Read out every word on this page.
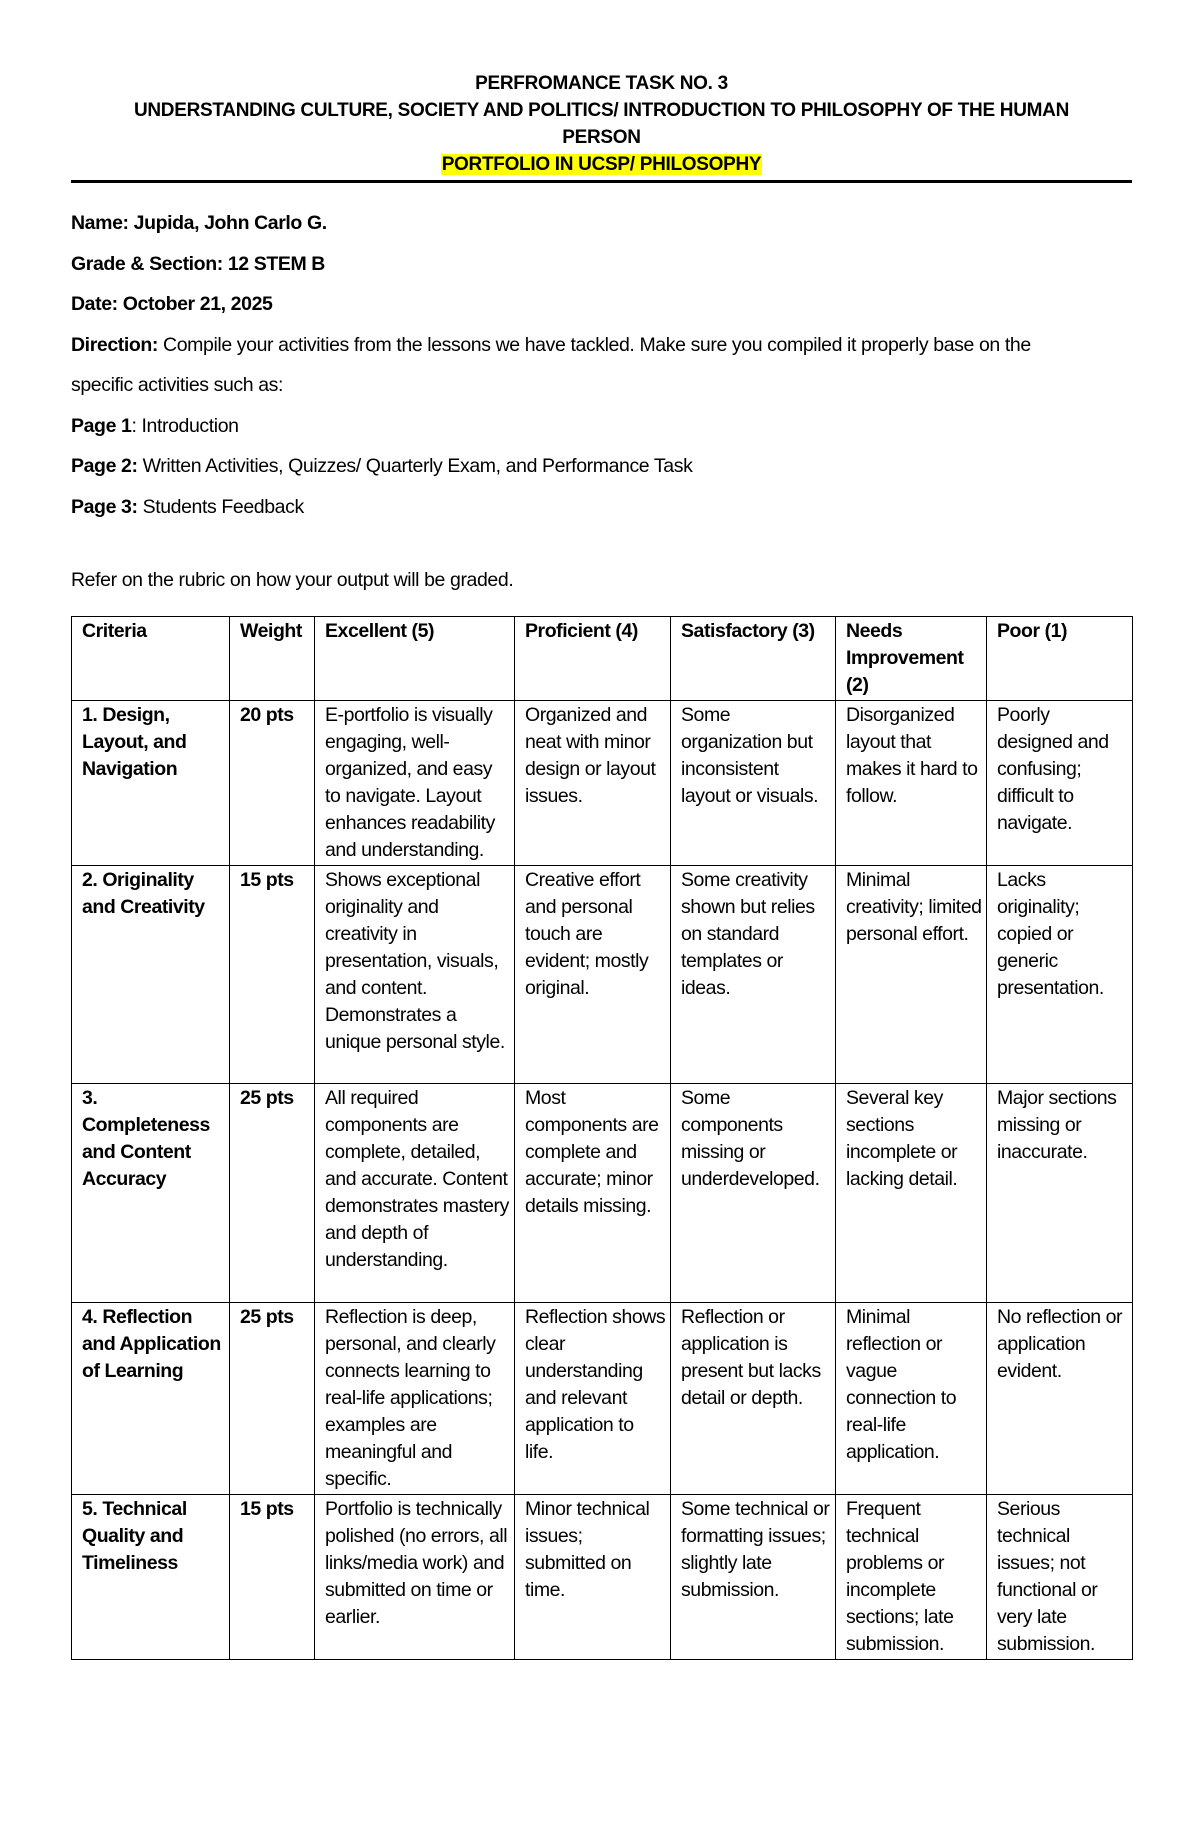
PERFROMANCE TASK NO. 3
UNDERSTANDING CULTURE, SOCIETY AND POLITICS/ INTRODUCTION TO PHILOSOPHY OF THE HUMAN
PERSON
PORTFOLIO IN UCSP/ PHILOSOPHY
Name: Jupida, John Carlo G.
Grade & Section: 12 STEM B
Date: October 21, 2025
Direction: Compile your activities from the lessons we have tackled. Make sure you compiled it properly base on the
specific activities such as:
Page 1: Introduction
Page 2: Written Activities, Quizzes/ Quarterly Exam, and Performance Task
Page 3: Students Feedback
Refer on the rubric on how your output will be graded.
Criteria	Weight	Excellent (5)	Proficient (4)	Satisfactory (3)	Needs Improvement (2)	Poor (1)
1. Design, Layout, and Navigation	20 pts	E-portfolio is visually engaging, well-organized, and easy to navigate. Layout enhances readability and understanding.	Organized and neat with minor design or layout issues.	Some organization but inconsistent layout or visuals.	Disorganized layout that makes it hard to follow.	Poorly designed and confusing; difficult to navigate.
2. Originality and Creativity	15 pts	Shows exceptional originality and creativity in presentation, visuals, and content. Demonstrates a unique personal style.	Creative effort and personal touch are evident; mostly original.	Some creativity shown but relies on standard templates or ideas.	Minimal creativity; limited personal effort.	Lacks originality; copied or generic presentation.
3. Completeness and Content Accuracy	25 pts	All required components are complete, detailed, and accurate. Content demonstrates mastery and depth of understanding.	Most components are complete and accurate; minor details missing.	Some components missing or underdeveloped.	Several key sections incomplete or lacking detail.	Major sections missing or inaccurate.
4. Reflection and Application of Learning	25 pts	Reflection is deep, personal, and clearly connects learning to real-life applications; examples are meaningful and specific.	Reflection shows clear understanding and relevant application to life.	Reflection or application is present but lacks detail or depth.	Minimal reflection or vague connection to real-life application.	No reflection or application evident.
5. Technical Quality and Timeliness	15 pts	Portfolio is technically polished (no errors, all links/media work) and submitted on time or earlier.	Minor technical issues; submitted on time.	Some technical or formatting issues; slightly late submission.	Frequent technical problems or incomplete sections; late submission.	Serious technical issues; not functional or very late submission.
